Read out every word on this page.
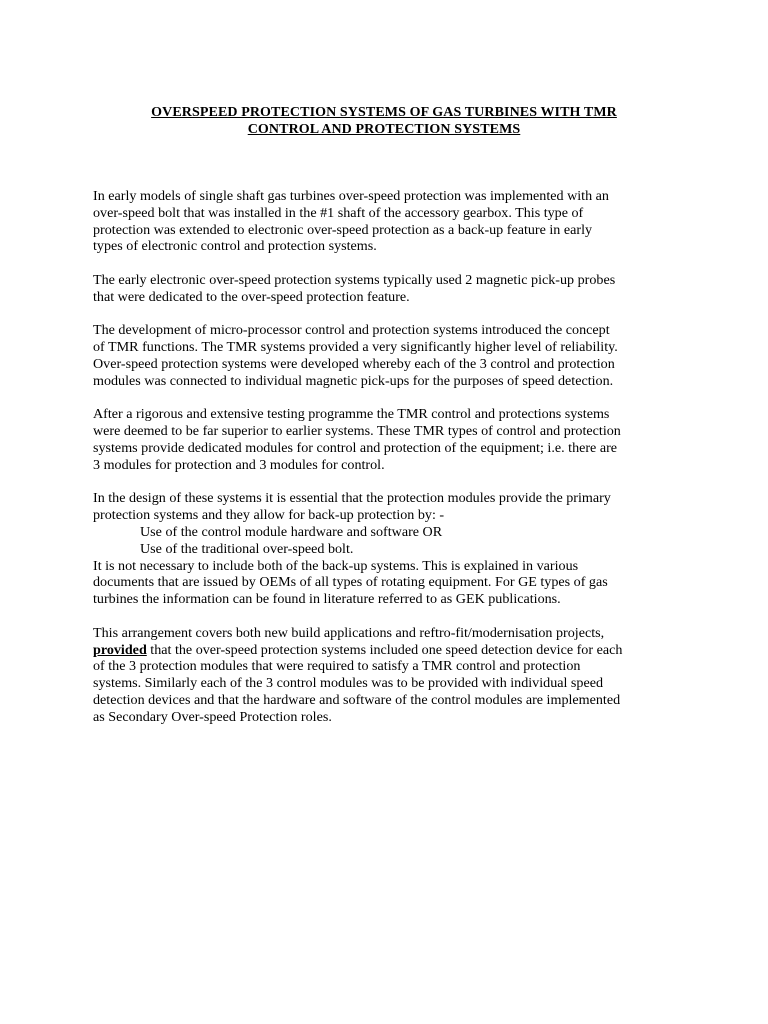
OVERSPEED PROTECTION SYSTEMS OF GAS TURBINES WITH TMR
CONTROL AND PROTECTION SYSTEMS
In early models of single shaft gas turbines over-speed protection was implemented with an
over-speed bolt that was installed in the #1 shaft of the accessory gearbox. This type of
protection was extended to electronic over-speed protection as a back-up feature in early
types of electronic control and protection systems.
The early electronic over-speed protection systems typically used 2 magnetic pick-up probes
that were dedicated to the over-speed protection feature.
The development of micro-processor control and protection systems introduced the concept
of TMR functions. The TMR systems provided a very significantly higher level of reliability.
Over-speed protection systems were developed whereby each of the 3 control and protection
modules was connected to individual magnetic pick-ups for the purposes of speed detection.
After a rigorous and extensive testing programme the TMR control and protections systems
were deemed to be far superior to earlier systems. These TMR types of control and protection
systems provide dedicated modules for control and protection of the equipment; i.e. there are
3 modules for protection and 3 modules for control.
In the design of these systems it is essential that the protection modules provide the primary
protection systems and they allow for back-up protection by: -
Use of the control module hardware and software OR
Use of the traditional over-speed bolt.
It is not necessary to include both of the back-up systems. This is explained in various
documents that are issued by OEMs of all types of rotating equipment. For GE types of gas
turbines the information can be found in literature referred to as GEK publications.
This arrangement covers both new build applications and reftro-fit/modernisation projects,
provided that the over-speed protection systems included one speed detection device for each
of the 3 protection modules that were required to satisfy a TMR control and protection
systems. Similarly each of the 3 control modules was to be provided with individual speed
detection devices and that the hardware and software of the control modules are implemented
as Secondary Over-speed Protection roles.
